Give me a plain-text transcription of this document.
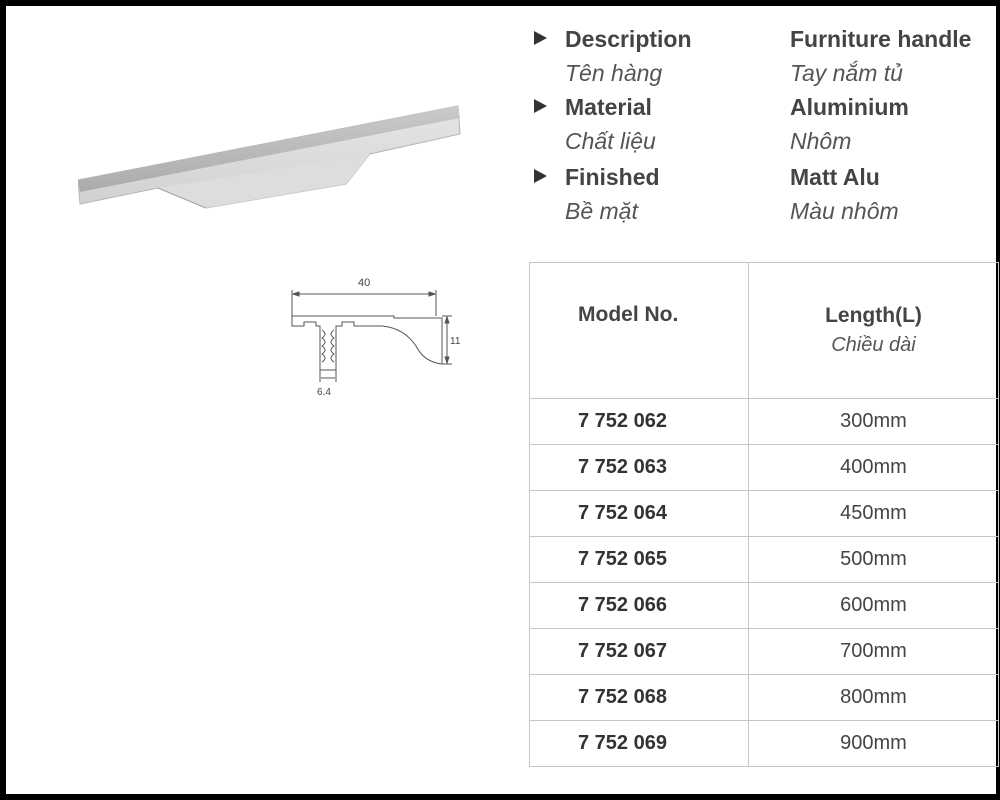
40
11
6.4
Description	Furniture handle
Tên hàng	Tay nắm tủ
Material	Aluminium
Chất liệu	Nhôm
Finished	Matt Alu
Bề mặt	Màu nhôm
Model No.	Length(L)
Chiều dài

7 752 062	300mm
7 752 063	400mm
7 752 064	450mm
7 752 065	500mm
7 752 066	600mm
7 752 067	700mm
7 752 068	800mm
7 752 069	900mm
